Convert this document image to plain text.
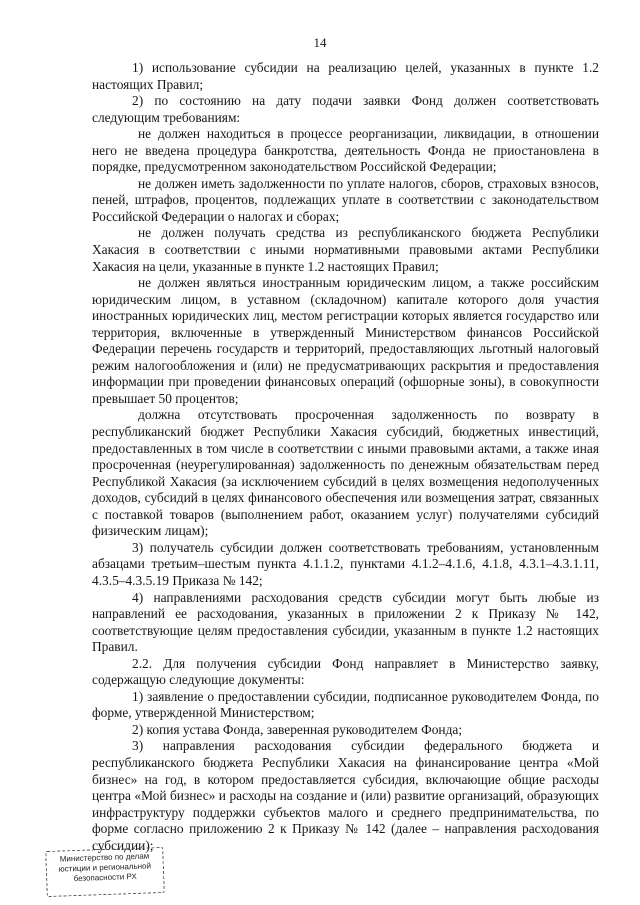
14

1) использование субсидии на реализацию целей, указанных в пункте 1.2 настоящих Правил;

2) по состоянию на дату подачи заявки Фонд должен соответствовать следующим требованиям:

не должен находиться в процессе реорганизации, ликвидации, в отношении него не введена процедура банкротства, деятельность Фонда не приостановлена в порядке, предусмотренном законодательством Российской Федерации;

не должен иметь задолженности по уплате налогов, сборов, страховых взносов, пеней, штрафов, процентов, подлежащих уплате в соответствии с законодательством Российской Федерации о налогах и сборах;

не должен получать средства из республиканского бюджета Республики Хакасия в соответствии с иными нормативными правовыми актами Республики Хакасия на цели, указанные в пункте 1.2 настоящих Правил;

не должен являться иностранным юридическим лицом, а также российским юридическим лицом, в уставном (складочном) капитале которого доля участия иностранных юридических лиц, местом регистрации которых является государство или территория, включенные в утвержденный Министерством финансов Российской Федерации перечень государств и территорий, предоставляющих льготный налоговый режим налогообложения и (или) не предусматривающих раскрытия и предоставления информации при проведении финансовых операций (офшорные зоны), в совокупности превышает 50 процентов;

должна отсутствовать просроченная задолженность по возврату в республиканский бюджет Республики Хакасия субсидий, бюджетных инвестиций, предоставленных в том числе в соответствии с иными правовыми актами, а также иная просроченная (неурегулированная) задолженность по денежным обязательствам перед Республикой Хакасия (за исключением субсидий в целях возмещения недополученных доходов, субсидий в целях финансового обеспечения или возмещения затрат, связанных с поставкой товаров (выполнением работ, оказанием услуг) получателями субсидий физическим лицам);

3) получатель субсидии должен соответствовать требованиям, установленным абзацами третьим–шестым пункта 4.1.1.2, пунктами 4.1.2–4.1.6, 4.1.8, 4.3.1–4.3.1.11, 4.3.5–4.3.5.19 Приказа № 142;

4) направлениями расходования средств субсидии могут быть любые из направлений ее расходования, указанных в приложении 2 к Приказу № 142, соответствующие целям предоставления субсидии, указанным в пункте 1.2 настоящих Правил.

2.2. Для получения субсидии Фонд направляет в Министерство заявку, содержащую следующие документы:

1) заявление о предоставлении субсидии, подписанное руководителем Фонда, по форме, утвержденной Министерством;

2) копия устава Фонда, заверенная руководителем Фонда;

3) направления расходования субсидии федерального бюджета и республиканского бюджета Республики Хакасия на финансирование центра «Мой бизнес» на год, в котором предоставляется субсидия, включающие общие расходы центра «Мой бизнес» и расходы на создание и (или) развитие организаций, образующих инфраструктуру поддержки субъектов малого и среднего предпринимательства, по форме согласно приложению 2 к Приказу № 142 (далее – направления расходования субсидии);

Министерство по делам
юстиции и региональной
безопасности РХ
